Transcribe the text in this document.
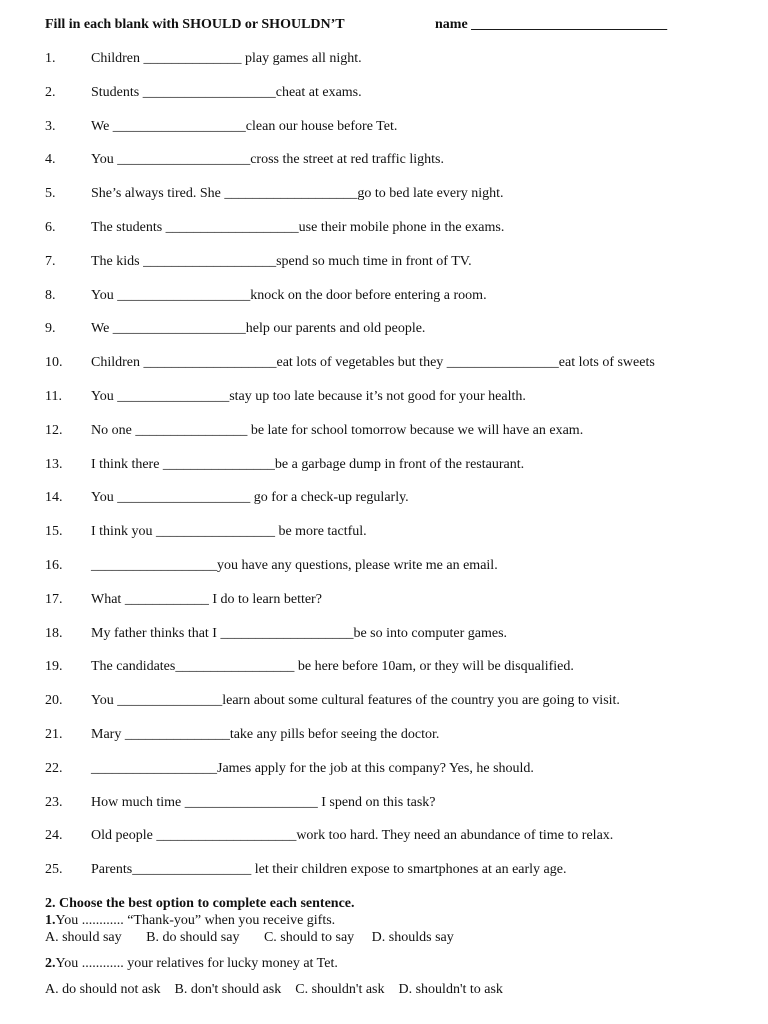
Fill in each blank with SHOULD or SHOULDN’T	name ____________________________
1.	Children ______________ play games all night.
2.	Students ___________________cheat at exams.
3.	We ___________________clean our house before Tet.
4.	You ___________________cross the street at red traffic lights.
5.	She’s always tired. She ___________________go to bed late every night.
6.	The students ___________________use their mobile phone in the exams.
7.	The kids ___________________spend so much time in front of TV.
8.	You ___________________knock on the door before entering a room.
9.	We ___________________help our parents and old people.
10. Children ___________________eat lots of vegetables but they ________________eat lots of sweets
11. You ________________stay up too late because it’s not good for your health.
12. No one ________________ be late for school tomorrow because we will have an exam.
13. I think there ________________be a garbage dump in front of the restaurant.
14. You ___________________ go for a check-up regularly.
15. I think you _________________ be more tactful.
16. __________________you have any questions, please write me an email.
17. What ____________ I do to learn better?
18. My father thinks that I ___________________be so into computer games.
19. The candidates_________________ be here before 10am, or they will be disqualified.
20. You _______________learn about some cultural features of the country you are going to visit.
21. Mary _______________take any pills befor seeing the doctor.
22. __________________James apply for the job at this company? Yes, he should.
23. How much time ___________________ I spend on this task?
24. Old people ____________________work too hard. They need an abundance of time to relax.
25. Parents_________________ let their children expose to smartphones at an early age.
2. Choose the best option to complete each sentence.
1.You ............ “Thank-you” when you receive gifts.
A. should say       B. do should say       C. should to say     D. shoulds say
2.You ............ your relatives for lucky money at Tet.
A. do should not ask    B. don't should ask    C. shouldn't ask    D. shouldn't to ask
